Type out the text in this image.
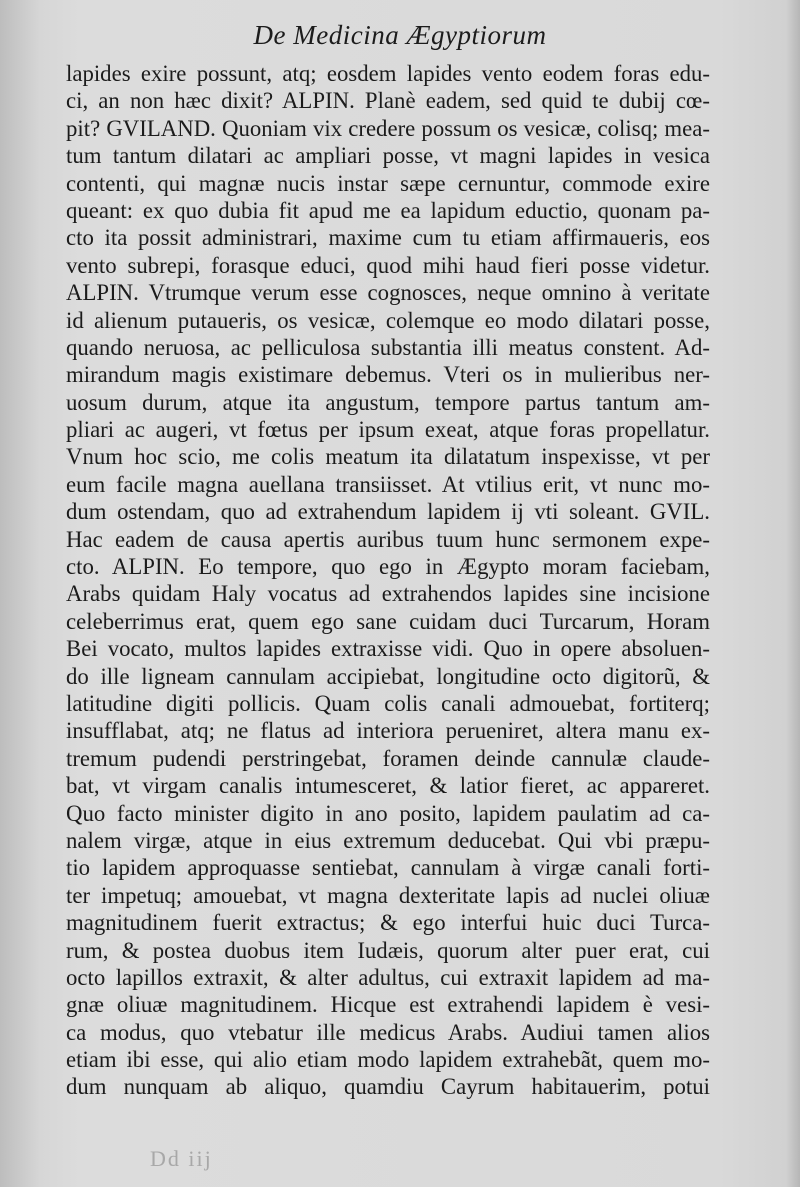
De Medicina Ægyptiorum
lapides exire possunt, atq; eosdem lapides vento eodem foras edu-
ci, an non hæc dixit? ALPIN. Planè eadem, sed quid te dubij cœ-
pit? GVILAND. Quoniam vix credere possum os vesicæ, colisq; mea-
tum tantum dilatari ac ampliari posse, vt magni lapides in vesica
contenti, qui magnæ nucis instar sæpe cernuntur, commode exire
queant: ex quo dubia fit apud me ea lapidum eductio, quonam pa-
cto ita possit administrari, maxime cum tu etiam affirmaueris, eos
vento subrepi, forasque educi, quod mihi haud fieri posse videtur.
ALPIN. Vtrumque verum esse cognosces, neque omnino à veritate
id alienum putaueris, os vesicæ, colemque eo modo dilatari posse,
quando neruosa, ac pelliculosa substantia illi meatus constent. Ad-
mirandum magis existimare debemus. Vteri os in mulieribus ner-
uosum durum, atque ita angustum, tempore partus tantum am-
pliari ac augeri, vt fœtus per ipsum exeat, atque foras propellatur.
Vnum hoc scio, me colis meatum ita dilatatum inspexisse, vt per
eum facile magna auellana transiisset. At vtilius erit, vt nunc mo-
dum ostendam, quo ad extrahendum lapidem ij vti soleant. GVIL.
Hac eadem de causa apertis auribus tuum hunc sermonem expe-
cto. ALPIN. Eo tempore, quo ego in Ægypto moram faciebam,
Arabs quidam Haly vocatus ad extrahendos lapides sine incisione
celeberrimus erat, quem ego sane cuidam duci Turcarum, Horam
Bei vocato, multos lapides extraxisse vidi. Quo in opere absoluen-
do ille ligneam cannulam accipiebat, longitudine octo digitorũ, &
latitudine digiti pollicis. Quam colis canali admouebat, fortiterq;
insufflabat, atq; ne flatus ad interiora perueniret, altera manu ex-
tremum pudendi perstringebat, foramen deinde cannulæ claude-
bat, vt virgam canalis intumesceret, & latior fieret, ac appareret.
Quo facto minister digito in ano posito, lapidem paulatim ad ca-
nalem virgæ, atque in eius extremum deducebat. Qui vbi præpu-
tio lapidem approquasse sentiebat, cannulam à virgæ canali forti-
ter impetuq; amouebat, vt magna dexteritate lapis ad nuclei oliuæ
magnitudinem fuerit extractus; & ego interfui huic duci Turca-
rum, & postea duobus item Iudæis, quorum alter puer erat, cui
octo lapillos extraxit, & alter adultus, cui extraxit lapidem ad ma-
gnæ oliuæ magnitudinem. Hicque est extrahendi lapidem è vesi-
ca modus, quo vtebatur ille medicus Arabs. Audiui tamen alios
etiam ibi esse, qui alio etiam modo lapidem extrahebãt, quem mo-
dum nunquam ab aliquo, quamdiu Cayrum habitauerim, potui
Dd iij
